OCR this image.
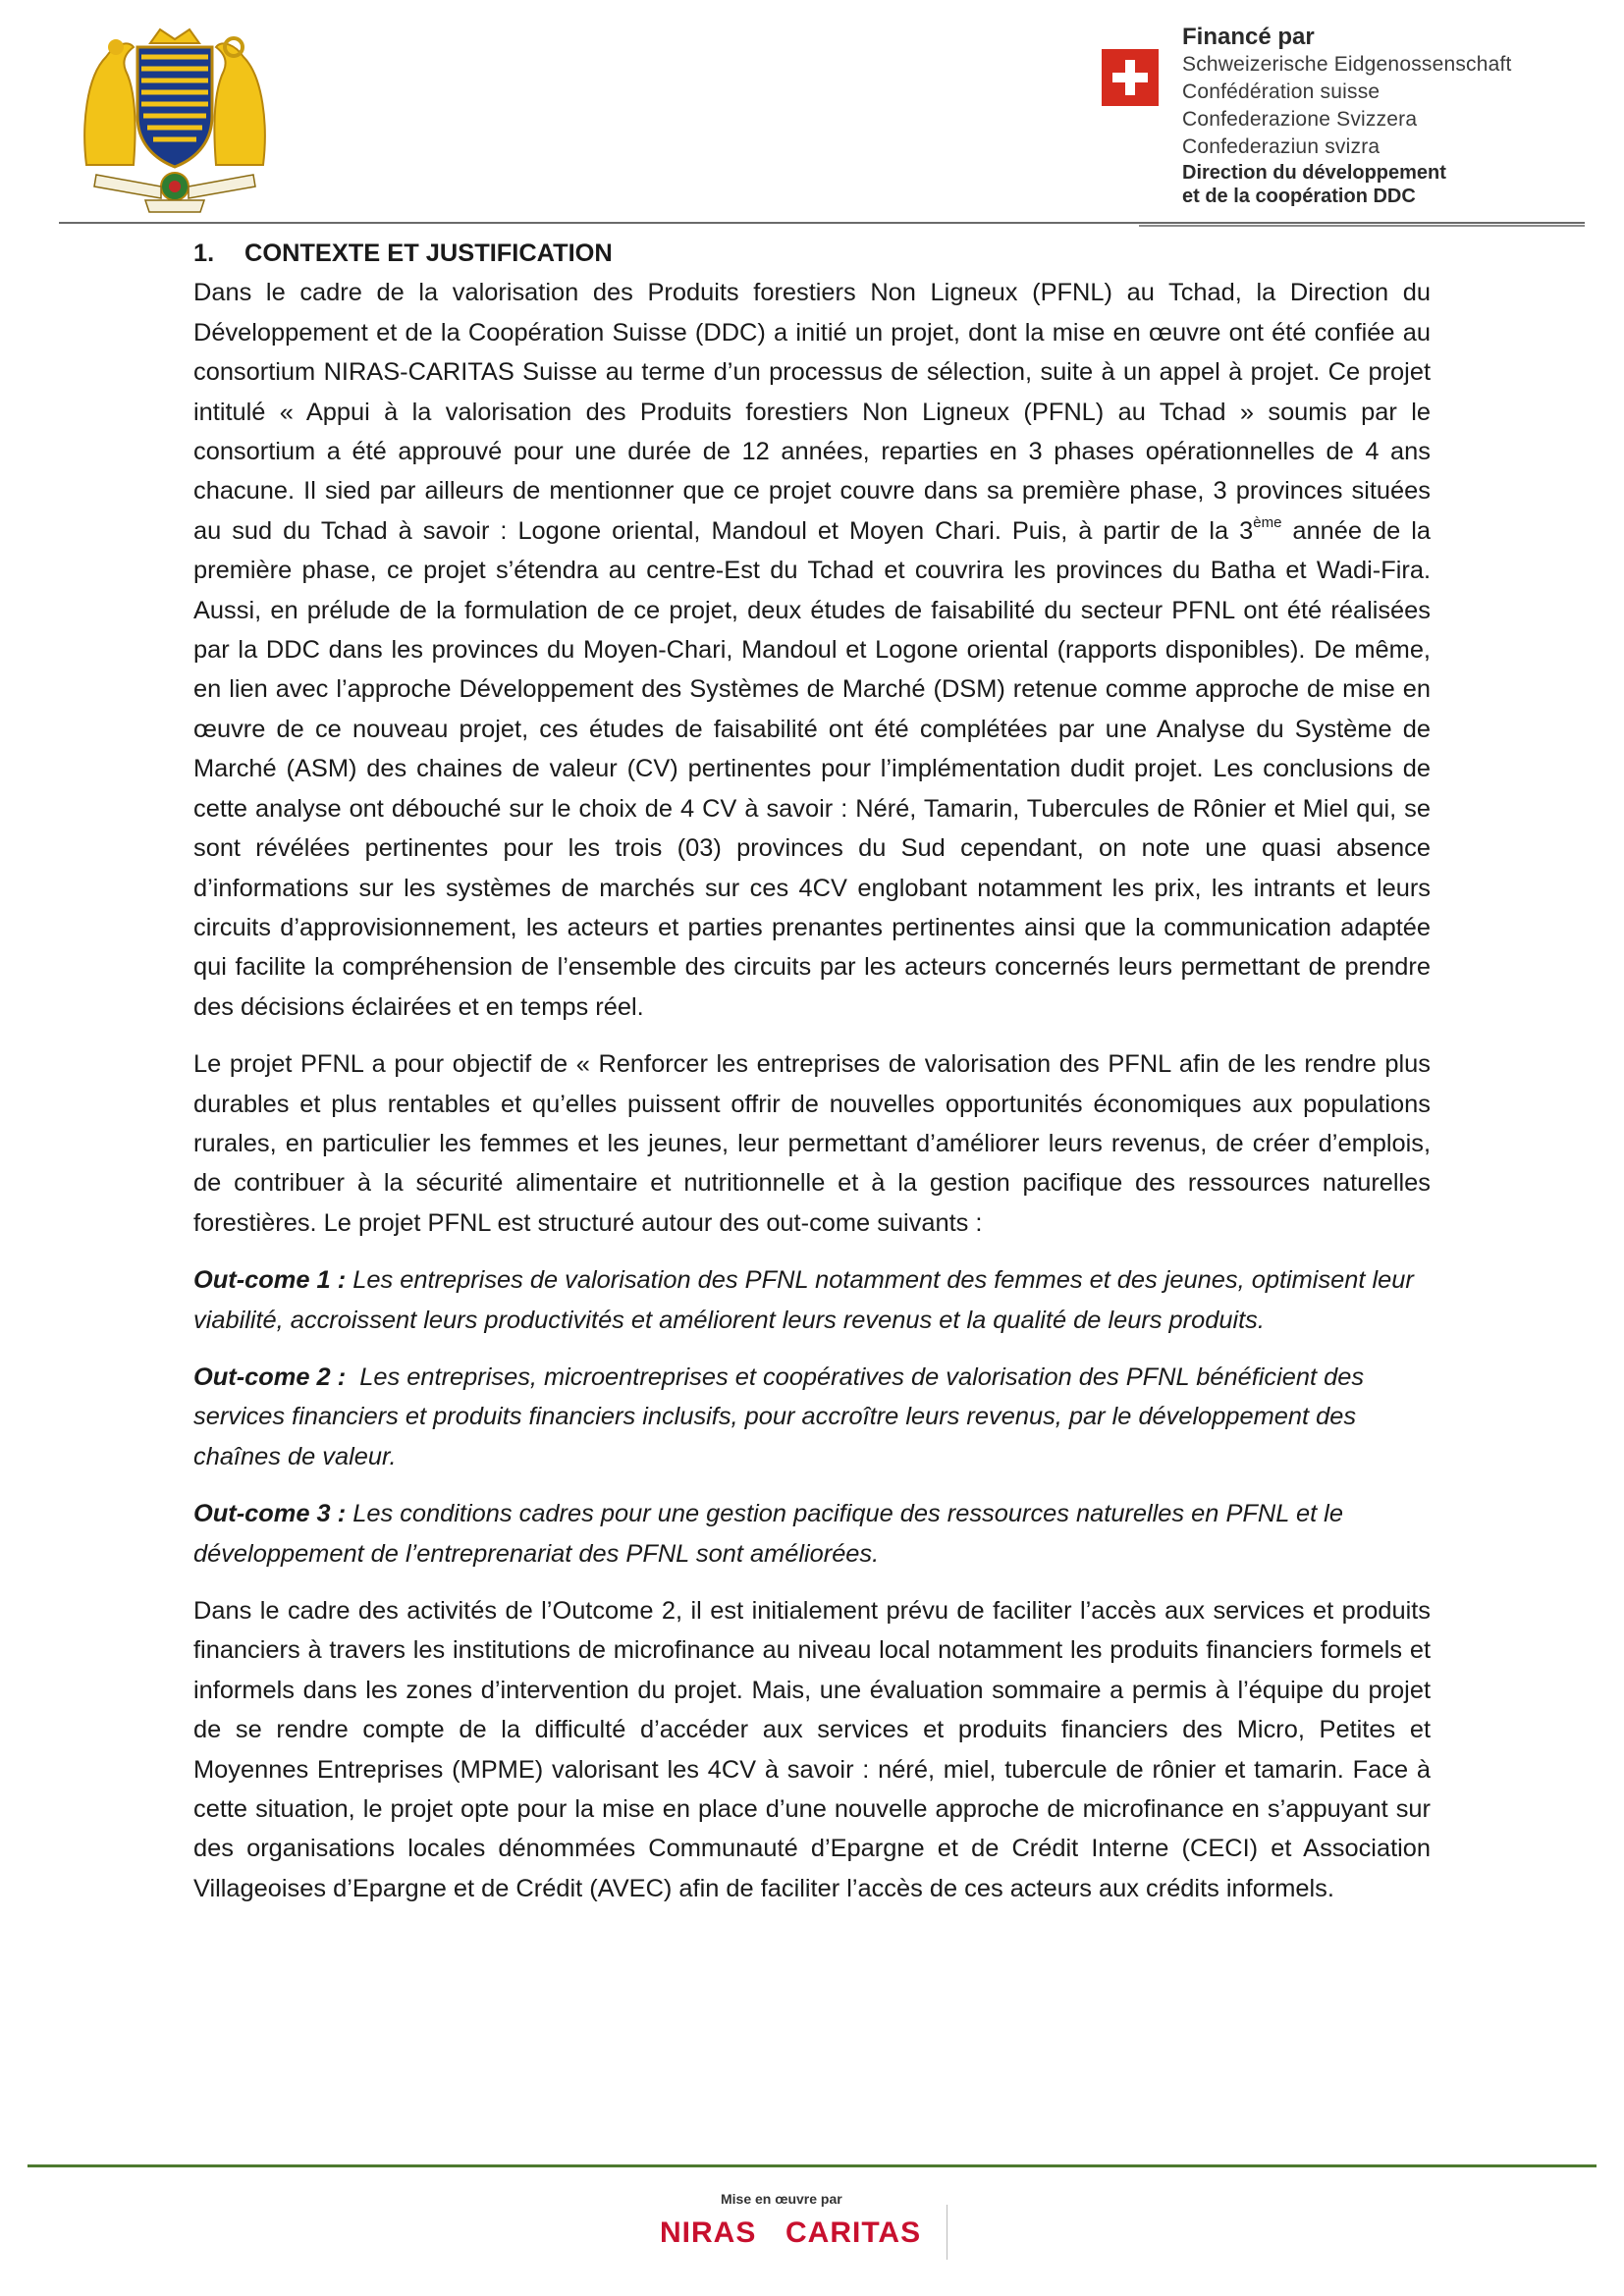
Financé par
Schweizerische Eidgenossenschaft
Confédération suisse
Confederazione Svizzera
Confederaziun svizra
Direction du développement
et de la coopération DDC

1. CONTEXTE ET JUSTIFICATION

Dans le cadre de la valorisation des Produits forestiers Non Ligneux (PFNL) au Tchad, la Direction du Développement et de la Coopération Suisse (DDC) a initié un projet, dont la mise en œuvre ont été confiée au consortium NIRAS-CARITAS Suisse au terme d’un processus de sélection, suite à un appel à projet. Ce projet intitulé « Appui à la valorisation des Produits forestiers Non Ligneux (PFNL) au Tchad » soumis par le consortium a été approuvé pour une durée de 12 années, reparties en 3 phases opérationnelles de 4 ans chacune. Il sied par ailleurs de mentionner que ce projet couvre dans sa première phase, 3 provinces situées au sud du Tchad à savoir : Logone oriental, Mandoul et Moyen Chari. Puis, à partir de la 3ème année de la première phase, ce projet s’étendra au centre-Est du Tchad et couvrira les provinces du Batha et Wadi-Fira. Aussi, en prélude de la formulation de ce projet, deux études de faisabilité du secteur PFNL ont été réalisées par la DDC dans les provinces du Moyen-Chari, Mandoul et Logone oriental (rapports disponibles). De même, en lien avec l’approche Développement des Systèmes de Marché (DSM) retenue comme approche de mise en œuvre de ce nouveau projet, ces études de faisabilité ont été complétées par une Analyse du Système de Marché (ASM) des chaines de valeur (CV) pertinentes pour l’implémentation dudit projet. Les conclusions de cette analyse ont débouché sur le choix de 4 CV à savoir : Néré, Tamarin, Tubercules de Rônier et Miel qui, se sont révélées pertinentes pour les trois (03) provinces du Sud cependant, on note une quasi absence d’informations sur les systèmes de marchés sur ces 4CV englobant notamment les prix, les intrants et leurs circuits d’approvisionnement, les acteurs et parties prenantes pertinentes ainsi que la communication adaptée qui facilite la compréhension de l’ensemble des circuits par les acteurs concernés leurs permettant de prendre des décisions éclairées et en temps réel.

Le projet PFNL a pour objectif de « Renforcer les entreprises de valorisation des PFNL afin de les rendre plus durables et plus rentables et qu’elles puissent offrir de nouvelles opportunités économiques aux populations rurales, en particulier les femmes et les jeunes, leur permettant d’améliorer leurs revenus, de créer d’emplois, de contribuer à la sécurité alimentaire et nutritionnelle et à la gestion pacifique des ressources naturelles forestières. Le projet PFNL est structuré autour des out-come suivants :

Out-come 1 : Les entreprises de valorisation des PFNL notamment des femmes et des jeunes, optimisent leur viabilité, accroissent leurs productivités et améliorent leurs revenus et la qualité de leurs produits.

Out-come 2 :  Les entreprises, microentreprises et coopératives de valorisation des PFNL bénéficient des services financiers et produits financiers inclusifs, pour accroître leurs revenus, par le développement des chaînes de valeur.

Out-come 3 : Les conditions cadres pour une gestion pacifique des ressources naturelles en PFNL et le développement de l’entreprenariat des PFNL sont améliorées.

Dans le cadre des activités de l’Outcome 2, il est initialement prévu de faciliter l’accès aux services et produits financiers à travers les institutions de microfinance au niveau local notamment les produits financiers formels et informels dans les zones d’intervention du projet. Mais, une évaluation sommaire a permis à l’équipe du projet de se rendre compte de la difficulté d’accéder aux services et produits financiers des Micro, Petites et Moyennes Entreprises (MPME) valorisant les 4CV à savoir : néré, miel, tubercule de rônier et tamarin. Face à cette situation, le projet opte pour la mise en place d’une nouvelle approche de microfinance en s’appuyant sur des organisations locales dénommées Communauté d’Epargne et de Crédit Interne (CECI) et Association Villageoises d’Epargne et de Crédit (AVEC) afin de faciliter l’accès de ces acteurs aux crédits informels.

Mise en œuvre par
NIRAS CARITAS
